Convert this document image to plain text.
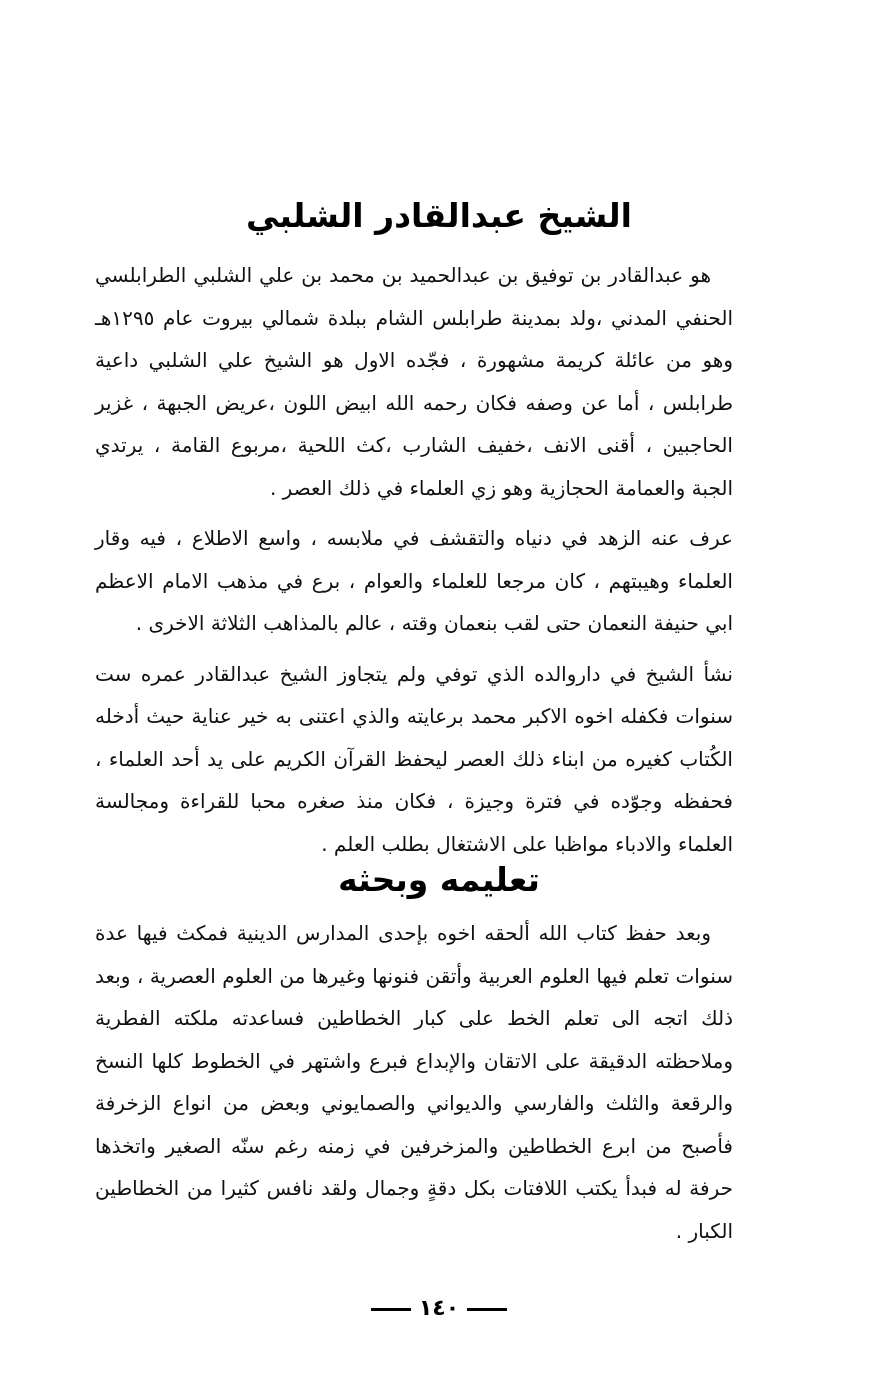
الشيخ عبدالقادر الشلبي

هو عبدالقادر بن توفيق بن عبدالحميد بن محمد بن علي الشلبي الطرابلسي الحنفي المدني ،ولد بمدينة طرابلس الشام ببلدة شمالي بيروت عام ١٢٩٥هـ وهو من عائلة كريمة مشهورة ، فجّده الاول هو الشيخ علي الشلبي داعية طرابلس ، أما عن وصفه فكان رحمه الله ابيض اللون ،عريض الجبهة ، غزير الحاجبين ، أقنى الانف ،خفيف الشارب ،كث اللحية ،مربوع القامة ، يرتدي الجبة والعمامة الحجازية وهو زي العلماء في ذلك العصر .

عرف عنه الزهد في دنياه والتقشف في ملابسه ، واسع الاطلاع ، فيه وقار العلماء وهيبتهم ، كان مرجعا للعلماء والعوام ، برع في مذهب الامام الاعظم ابي حنيفة النعمان حتى لقب بنعمان وقته ، عالم بالمذاهب الثلاثة الاخرى .

نشأ الشيخ في داروالده الذي توفي ولم يتجاوز الشيخ عبدالقادر عمره ست سنوات فكفله اخوه الاكبر محمد برعايته والذي اعتنى به خير عناية حيث أدخله الكُتاب كغيره من ابناء ذلك العصر ليحفظ القرآن الكريم على يد أحد العلماء ، فحفظه وجوّده في فترة وجيزة ، فكان منذ صغره محبا للقراءة ومجالسة العلماء والادباء مواظبا على الاشتغال بطلب العلم .

تعليمه وبحثه

وبعد حفظ كتاب الله ألحقه اخوه بإحدى المدارس الدينية فمكث فيها عدة سنوات تعلم فيها العلوم العربية وأتقن فنونها وغيرها من العلوم العصرية ، وبعد ذلك اتجه الى تعلم الخط على كبار الخطاطين فساعدته ملكته الفطرية وملاحظته الدقيقة على الاتقان والإبداع فبرع واشتهر في الخطوط كلها النسخ والرقعة والثلث والفارسي والديواني والصمايوني وبعض من انواع الزخرفة فأصبح من ابرع الخطاطين والمزخرفين في زمنه رغم سنّه الصغير واتخذها حرفة له فبدأ يكتب اللافتات بكل دقةٍ وجمال ولقد نافس كثيرا من الخطاطين الكبار .

١٤٠
